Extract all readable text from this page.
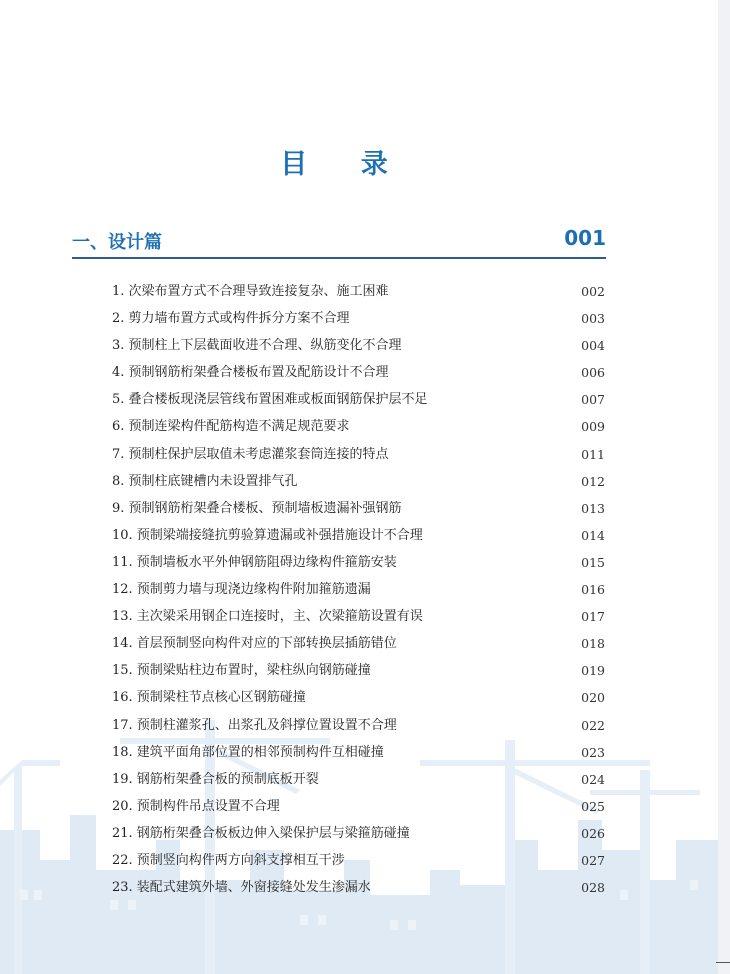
目 录
一、设计篇	001
1. 次梁布置方式不合理导致连接复杂、施工困难	002
2. 剪力墙布置方式或构件拆分方案不合理	003
3. 预制柱上下层截面收进不合理、纵筋变化不合理	004
4. 预制钢筋桁架叠合楼板布置及配筋设计不合理	006
5. 叠合楼板现浇层管线布置困难或板面钢筋保护层不足	007
6. 预制连梁构件配筋构造不满足规范要求	009
7. 预制柱保护层取值未考虑灌浆套筒连接的特点	011
8. 预制柱底键槽内未设置排气孔	012
9. 预制钢筋桁架叠合楼板、预制墙板遗漏补强钢筋	013
10. 预制梁端接缝抗剪验算遗漏或补强措施设计不合理	014
11. 预制墙板水平外伸钢筋阻碍边缘构件箍筋安装	015
12. 预制剪力墙与现浇边缘构件附加箍筋遗漏	016
13. 主次梁采用钢企口连接时，主、次梁箍筋设置有误	017
14. 首层预制竖向构件对应的下部转换层插筋错位	018
15. 预制梁贴柱边布置时，梁柱纵向钢筋碰撞	019
16. 预制梁柱节点核心区钢筋碰撞	020
17. 预制柱灌浆孔、出浆孔及斜撑位置设置不合理	022
18. 建筑平面角部位置的相邻预制构件互相碰撞	023
19. 钢筋桁架叠合板的预制底板开裂	024
20. 预制构件吊点设置不合理	025
21. 钢筋桁架叠合板板边伸入梁保护层与梁箍筋碰撞	026
22. 预制竖向构件两方向斜支撑相互干涉	027
23. 装配式建筑外墙、外窗接缝处发生渗漏水	028
